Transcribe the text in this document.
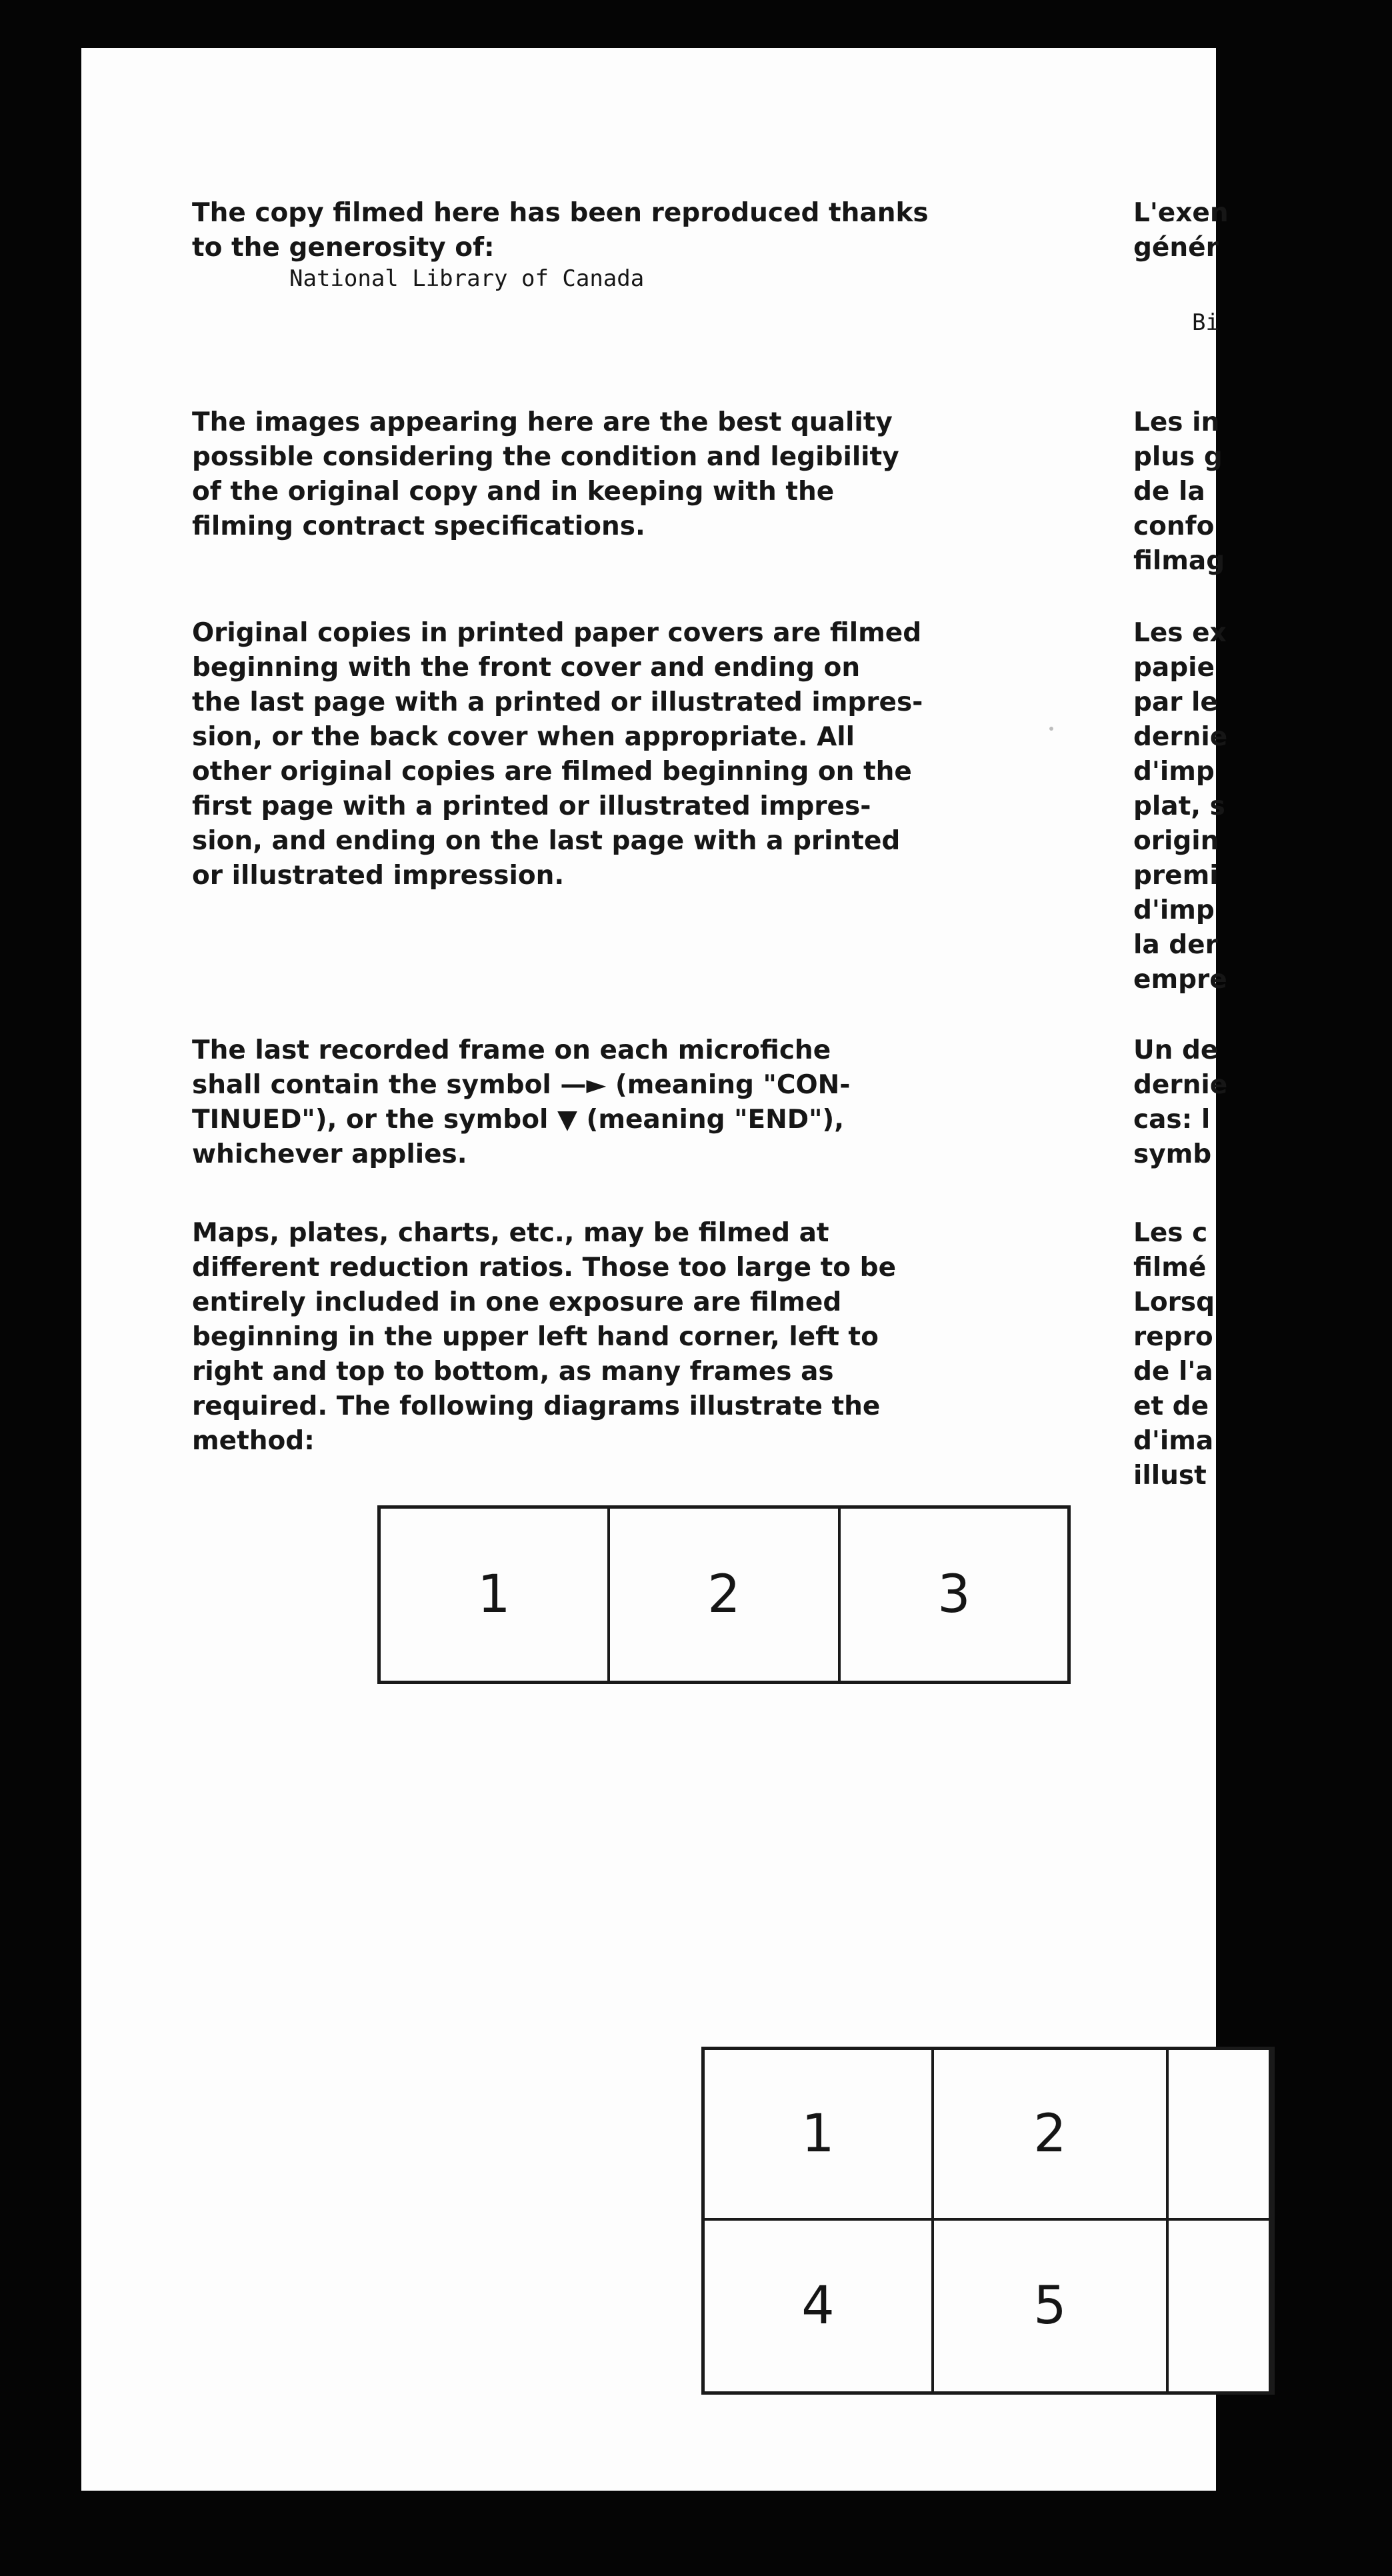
The copy filmed here has been reproduced thanks
to the generosity of:

National Library of Canada

The images appearing here are the best quality
possible considering the condition and legibility
of the original copy and in keeping with the
filming contract specifications.

Original copies in printed paper covers are filmed
beginning with the front cover and ending on
the last page with a printed or illustrated impres-
sion, or the back cover when appropriate. All
other original copies are filmed beginning on the
first page with a printed or illustrated impres-
sion, and ending on the last page with a printed
or illustrated impression.

The last recorded frame on each microfiche
shall contain the symbol —► (meaning "CON-
TINUED"), or the symbol ▼ (meaning "END"),
whichever applies.

Maps, plates, charts, etc., may be filmed at
different reduction ratios. Those too large to be
entirely included in one exposure are filmed
beginning in the upper left hand corner, left to
right and top to bottom, as many frames as
required. The following diagrams illustrate the
method:

L'exen
génér

Bi

Les in
plus g
de la
confo
filmag

Les ex
papie
par le
dernie
d'imp
plat, s
origin
premi
d'imp
la der
empre

Un de
dernie
cas: l
symb

Les c
filmé
Lorsq
repro
de l'a
et de
d'ima
illust

1	2	3
1	2
4	5
